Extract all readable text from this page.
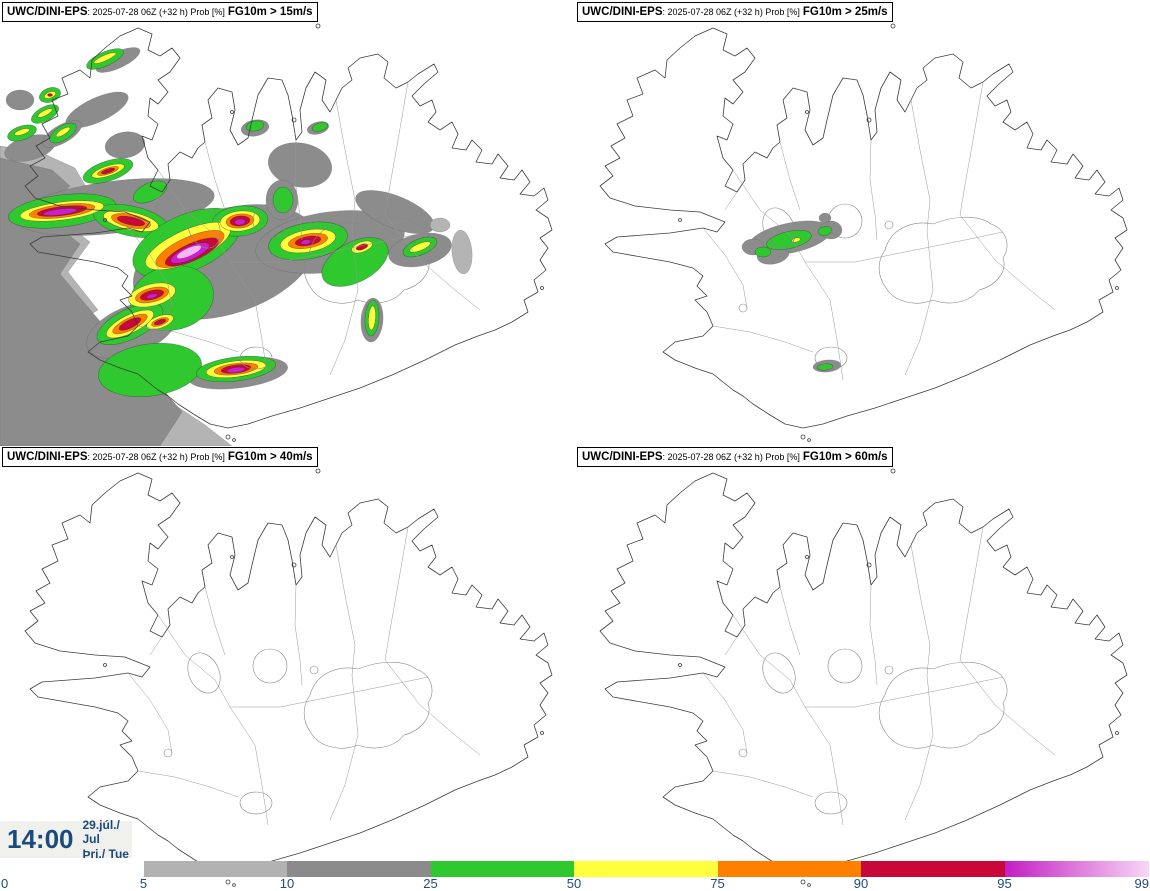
UWC/DINI-EPS: 2025-07-28 06Z (+32 h) Prob [%] FG10m > 15m/s	UWC/DINI-EPS: 2025-07-28 06Z (+32 h) Prob [%] FG10m > 25m/s
UWC/DINI-EPS: 2025-07-28 06Z (+32 h) Prob [%] FG10m > 40m/s	UWC/DINI-EPS: 2025-07-28 06Z (+32 h) Prob [%] FG10m > 60m/s
14:00 29.júl./ Jul
Þri./ Tue
0	5	10	25	50	75	90	95	99
